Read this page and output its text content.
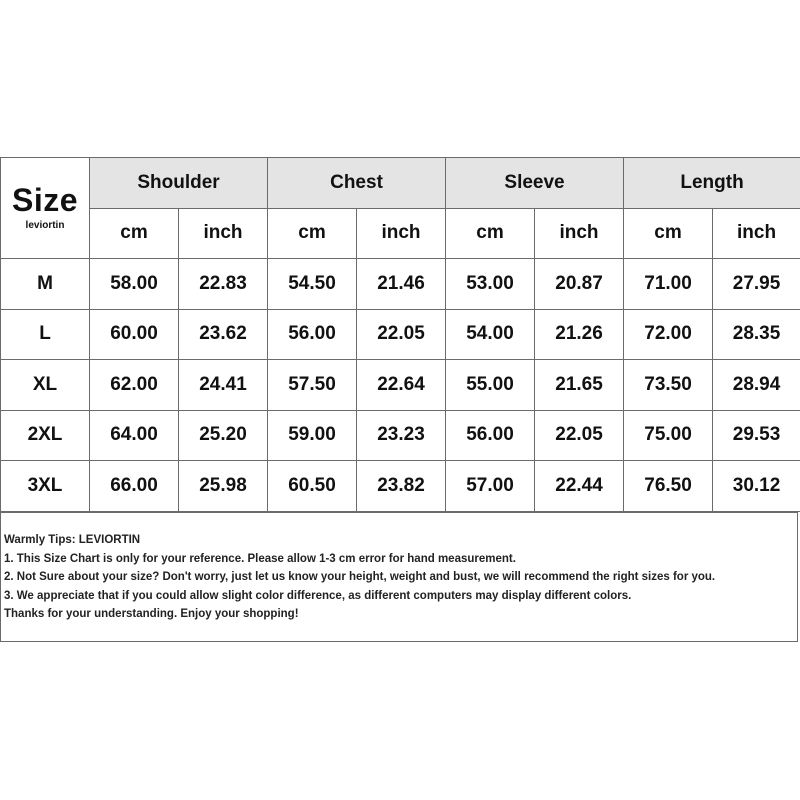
Size
leviortin	Shoulder		Chest		Sleeve		Length	
	cm	inch	cm	inch	cm	inch	cm	inch
M	58.00	22.83	54.50	21.46	53.00	20.87	71.00	27.95
L	60.00	23.62	56.00	22.05	54.00	21.26	72.00	28.35
XL	62.00	24.41	57.50	22.64	55.00	21.65	73.50	28.94
2XL	64.00	25.20	59.00	23.23	56.00	22.05	75.00	29.53
3XL	66.00	25.98	60.50	23.82	57.00	22.44	76.50	30.12

Warmly Tips: LEVIORTIN

1. This Size Chart is only for your reference. Please allow 1-3 cm error for hand measurement.

2. Not Sure about your size? Don't worry, just let us know your height, weight and bust, we will recommend the right sizes for you.

3. We appreciate that if you could allow slight color difference, as different computers may display different colors.

Thanks for your understanding. Enjoy your shopping!
